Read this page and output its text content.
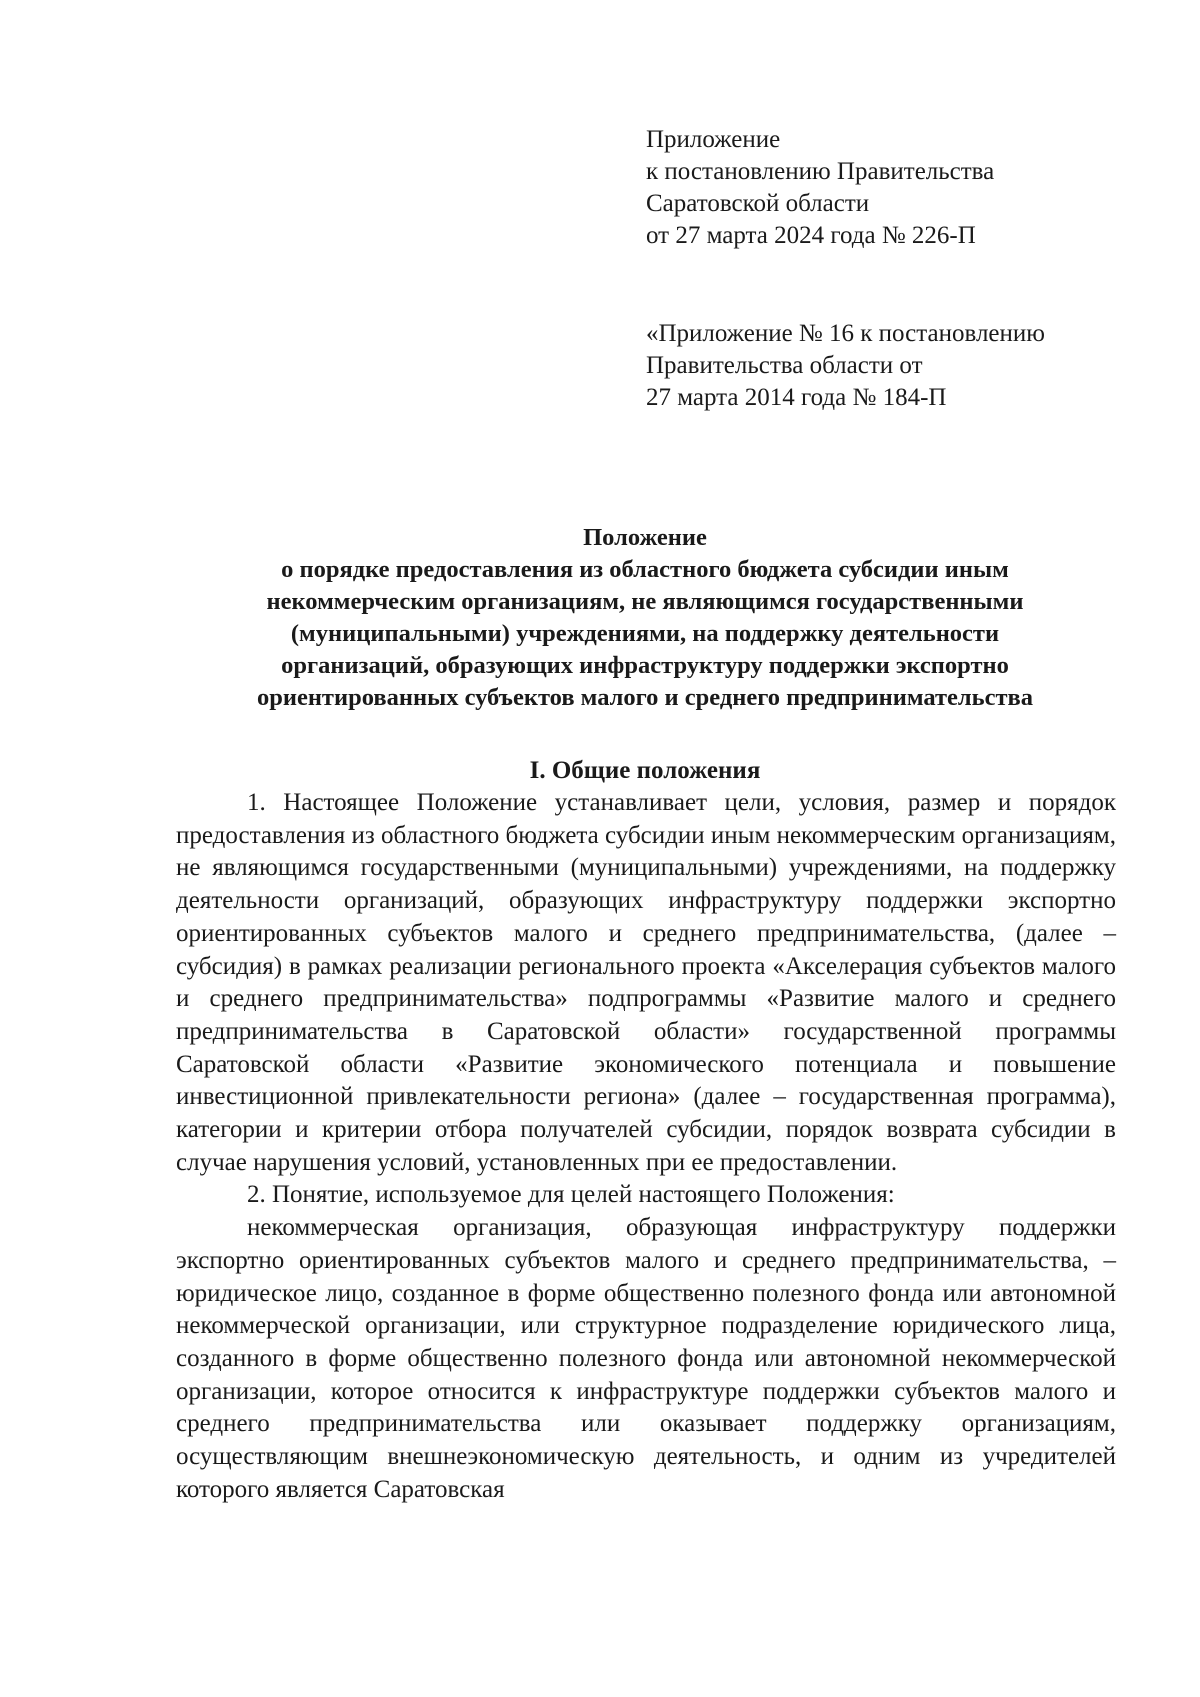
Приложение
к постановлению Правительства
Саратовской области
от 27 марта 2024 года № 226-П
«Приложение № 16 к постановлению
Правительства области от
27 марта 2014 года № 184-П
Положение
о порядке предоставления из областного бюджета субсидии иным
некоммерческим организациям, не являющимся государственными
(муниципальными) учреждениями, на поддержку деятельности
организаций, образующих инфраструктуру поддержки экспортно
ориентированных субъектов малого и среднего предпринимательства
I. Общие положения

1. Настоящее Положение устанавливает цели, условия, размер и порядок предоставления из областного бюджета субсидии иным некоммерческим организациям, не являющимся государственными (муниципальными) учреждениями, на поддержку деятельности организаций, образующих инфраструктуру поддержки экспортно ориентированных субъектов малого и среднего предпринимательства, (далее – субсидия) в рамках реализации регионального проекта «Акселерация субъектов малого и среднего предпринимательства» подпрограммы «Развитие малого и среднего предпринимательства в Саратовской области» государственной программы Саратовской области «Развитие экономического потенциала и повышение инвестиционной привлекательности региона» (далее – государственная программа), категории и критерии отбора получателей субсидии, порядок возврата субсидии в случае нарушения условий, установленных при ее предоставлении.

2. Понятие, используемое для целей настоящего Положения:

некоммерческая организация, образующая инфраструктуру поддержки экспортно ориентированных субъектов малого и среднего предпринимательства, – юридическое лицо, созданное в форме общественно полезного фонда или автономной некоммерческой организации, или структурное подразделение юридического лица, созданного в форме общественно полезного фонда или автономной некоммерческой организации, которое относится к инфраструктуре поддержки субъектов малого и среднего предпринимательства или оказывает поддержку организациям, осуществляющим внешнеэкономическую деятельность, и одним из учредителей которого является Саратовская
